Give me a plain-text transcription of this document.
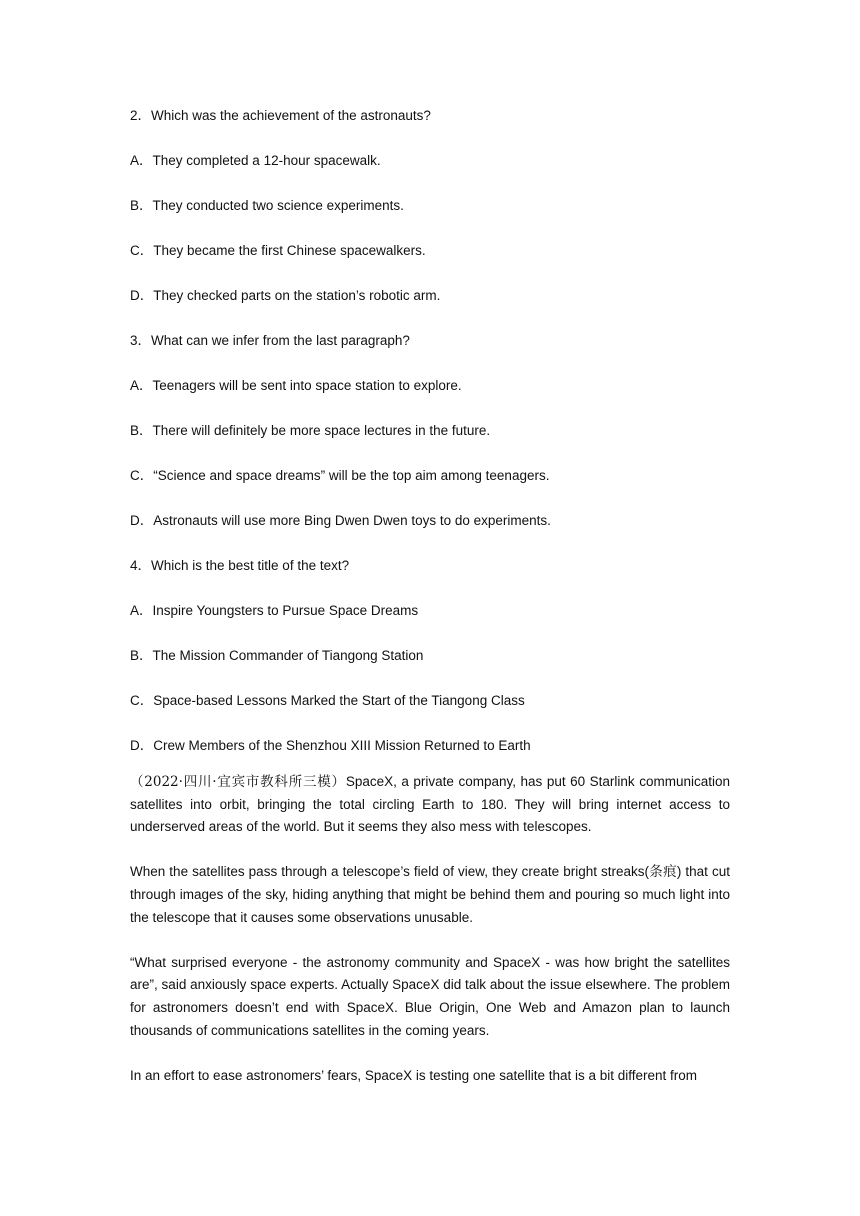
2．Which was the achievement of the astronauts?
A．They completed a 12-hour spacewalk.
B．They conducted two science experiments.
C．They became the first Chinese spacewalkers.
D．They checked parts on the station’s robotic arm.
3．What can we infer from the last paragraph?
A．Teenagers will be sent into space station to explore.
B．There will definitely be more space lectures in the future.
C．“Science and space dreams” will be the top aim among teenagers.
D．Astronauts will use more Bing Dwen Dwen toys to do experiments.
4．Which is the best title of the text?
A．Inspire Youngsters to Pursue Space Dreams
B．The Mission Commander of Tiangong Station
C．Space-based Lessons Marked the Start of the Tiangong Class
D．Crew Members of the Shenzhou XIII Mission Returned to Earth

（2022·四川·宜宾市教科所三模）SpaceX, a private company, has put 60 Starlink communication satellites into orbit, bringing the total circling Earth to 180. They will bring internet access to underserved areas of the world. But it seems they also mess with telescopes.

When the satellites pass through a telescope’s field of view, they create bright streaks(条痕) that cut through images of the sky, hiding anything that might be behind them and pouring so much light into the telescope that it causes some observations unusable.

“What surprised everyone - the astronomy community and SpaceX - was how bright the satellites are”, said anxiously space experts. Actually SpaceX did talk about the issue elsewhere. The problem for astronomers doesn’t end with SpaceX. Blue Origin, One Web and Amazon plan to launch thousands of communications satellites in the coming years.

In an effort to ease astronomers’ fears, SpaceX is testing one satellite that is a bit different from
